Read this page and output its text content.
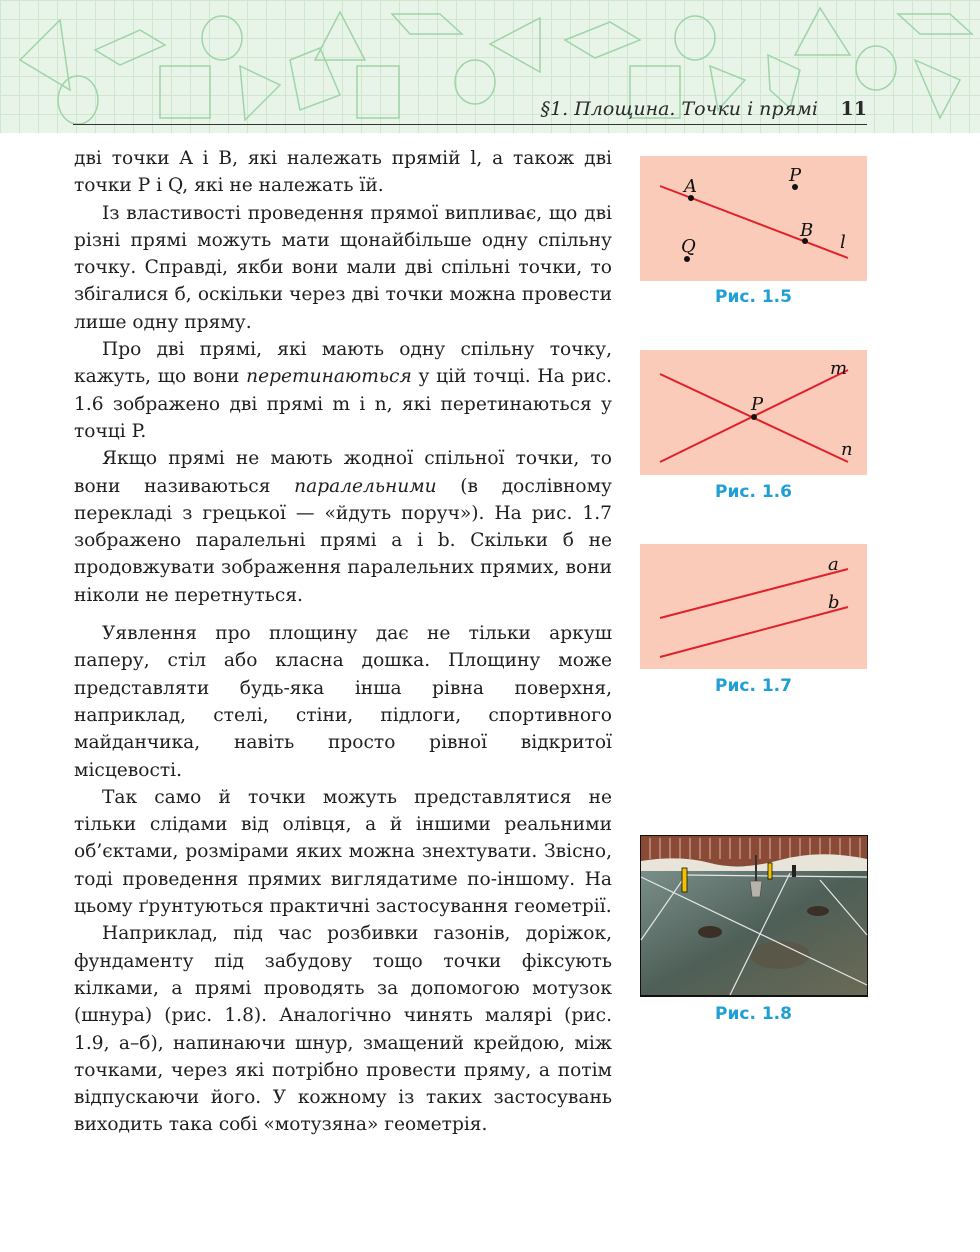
§1. Площина. Точки і прямі 11

дві точки A і B, які належать прямій l, а також дві точки P і Q, які не належать їй.

Із властивості проведення прямої випливає, що дві різні прямі можуть мати щонайбільше одну спільну точку. Справді, якби вони мали дві спільні точки, то збігалися б, оскільки через дві точки можна провести лише одну пряму.

Про дві прямі, які мають одну спільну точку, кажуть, що вони перетинаються у цій точці. На рис. 1.6 зображено дві прямі m і n, які перетинаються у точці P.

Якщо прямі не мають жодної спільної точки, то вони називаються паралельними (в дослівному перекладі з грецької — «йдуть поруч»). На рис. 1.7 зображено паралельні прямі a і b. Скільки б не продовжувати зображення паралельних прямих, вони ніколи не перетнуться.

Уявлення про площину дає не тільки аркуш паперу, стіл або класна дошка. Площину може представляти будь-яка інша рівна поверхня, наприклад, стелі, стіни, підлоги, спортивного майданчика, навіть просто рівної відкритої місцевості.

Так само й точки можуть представлятися не тільки слідами від олівця, а й іншими реальними об’єктами, розмірами яких можна знехтувати. Звісно, тоді проведення прямих виглядатиме по-іншому. На цьому ґрунтуються практичні застосування геометрії.

Наприклад, під час розбивки газонів, доріжок, фундаменту під забудову тощо точки фіксують кілками, а прямі проводять за допомогою мотузок (шнура) (рис. 1.8). Аналогічно чинять малярі (рис. 1.9, а–б), напинаючи шнур, змащений крейдою, між точками, через які потрібно провести пряму, а потім відпускаючи його. У кожному із таких застосувань виходить така собі «мотузяна» геометрія.

A
B
P
Q	l
Рис. 1.5
P
m
n
Рис. 1.6
a
b
Рис. 1.7
Рис. 1.8
